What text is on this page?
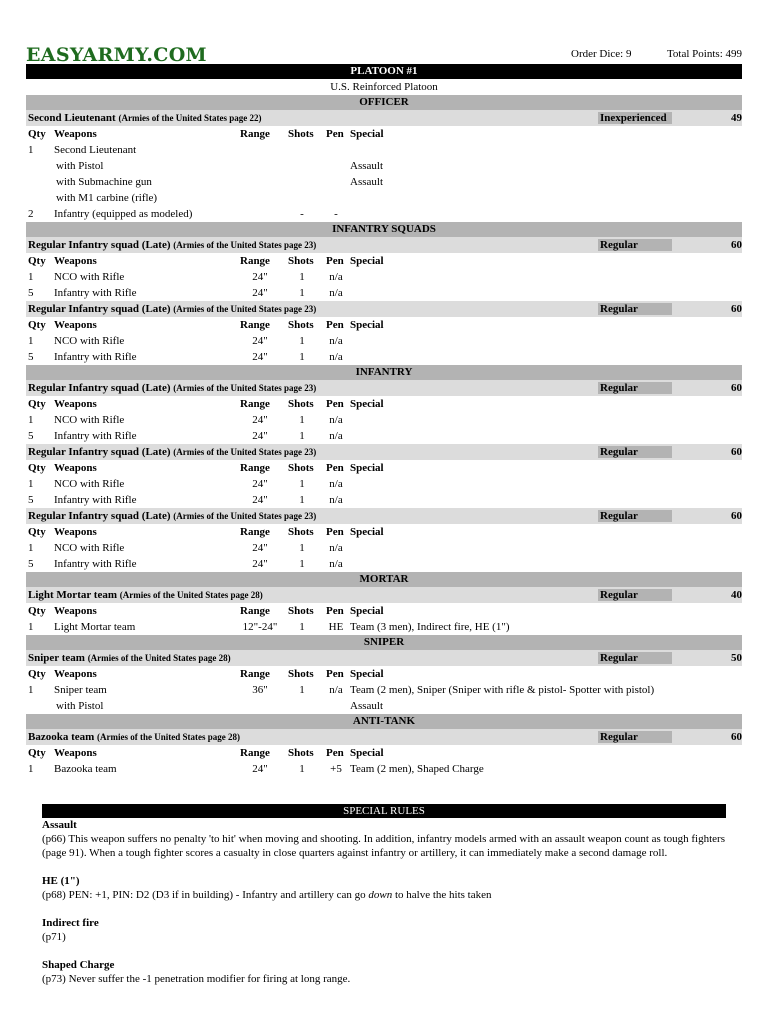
EASYARMY.COM	Order Dice: 9	Total Points: 499
PLATOON #1
U.S. Reinforced Platoon
OFFICER
Second Lieutenant (Armies of the United States page 22)	Inexperienced	49
Qty Weapons	Range	Shots Pen Special
1 Second Lieutenant
with Pistol	Assault
with Submachine gun	Assault
with M1 carbine (rifle)
2 Infantry (equipped as modeled)	-	-
INFANTRY SQUADS
Regular Infantry squad (Late) (Armies of the United States page 23)	Regular	60
Qty Weapons	Range	Shots Pen Special
1 NCO with Rifle	24"	1	n/a
5 Infantry with Rifle	24"	1	n/a
Regular Infantry squad (Late) (Armies of the United States page 23)	Regular	60
Qty Weapons	Range	Shots Pen Special
1 NCO with Rifle	24"	1	n/a
5 Infantry with Rifle	24"	1	n/a
INFANTRY
Regular Infantry squad (Late) (Armies of the United States page 23)	Regular	60
Qty Weapons	Range	Shots Pen Special
1 NCO with Rifle	24"	1	n/a
5 Infantry with Rifle	24"	1	n/a
Regular Infantry squad (Late) (Armies of the United States page 23)	Regular	60
Qty Weapons	Range	Shots Pen Special
1 NCO with Rifle	24"	1	n/a
5 Infantry with Rifle	24"	1	n/a
Regular Infantry squad (Late) (Armies of the United States page 23)	Regular	60
Qty Weapons	Range	Shots Pen Special
1 NCO with Rifle	24"	1	n/a
5 Infantry with Rifle	24"	1	n/a
MORTAR
Light Mortar team (Armies of the United States page 28)	Regular	40
Qty Weapons	Range	Shots Pen Special
1 Light Mortar team	12"-24"	1	HE Team (3 men), Indirect fire, HE (1")
SNIPER
Sniper team (Armies of the United States page 28)	Regular	50
Qty Weapons	Range	Shots Pen Special
1 Sniper team	36"	1	n/a Team (2 men), Sniper (Sniper with rifle & pistol- Spotter with pistol)
with Pistol	Assault
ANTI-TANK
Bazooka team (Armies of the United States page 28)	Regular	60
Qty Weapons	Range	Shots Pen Special
1 Bazooka team	24"	1	+5 Team (2 men), Shaped Charge
SPECIAL RULES
Assault
(p66) This weapon suffers no penalty 'to hit' when moving and shooting. In addition, infantry models armed with an assault weapon count as tough fighters
(page 91). When a tough fighter scores a casualty in close quarters against infantry or artillery, it can immediately make a second damage roll.
HE (1")
(p68) PEN: +1, PIN: D2 (D3 if in building) - Infantry and artillery can go down to halve the hits taken
Indirect fire
(p71)
Shaped Charge
(p73) Never suffer the -1 penetration modifier for firing at long range.
